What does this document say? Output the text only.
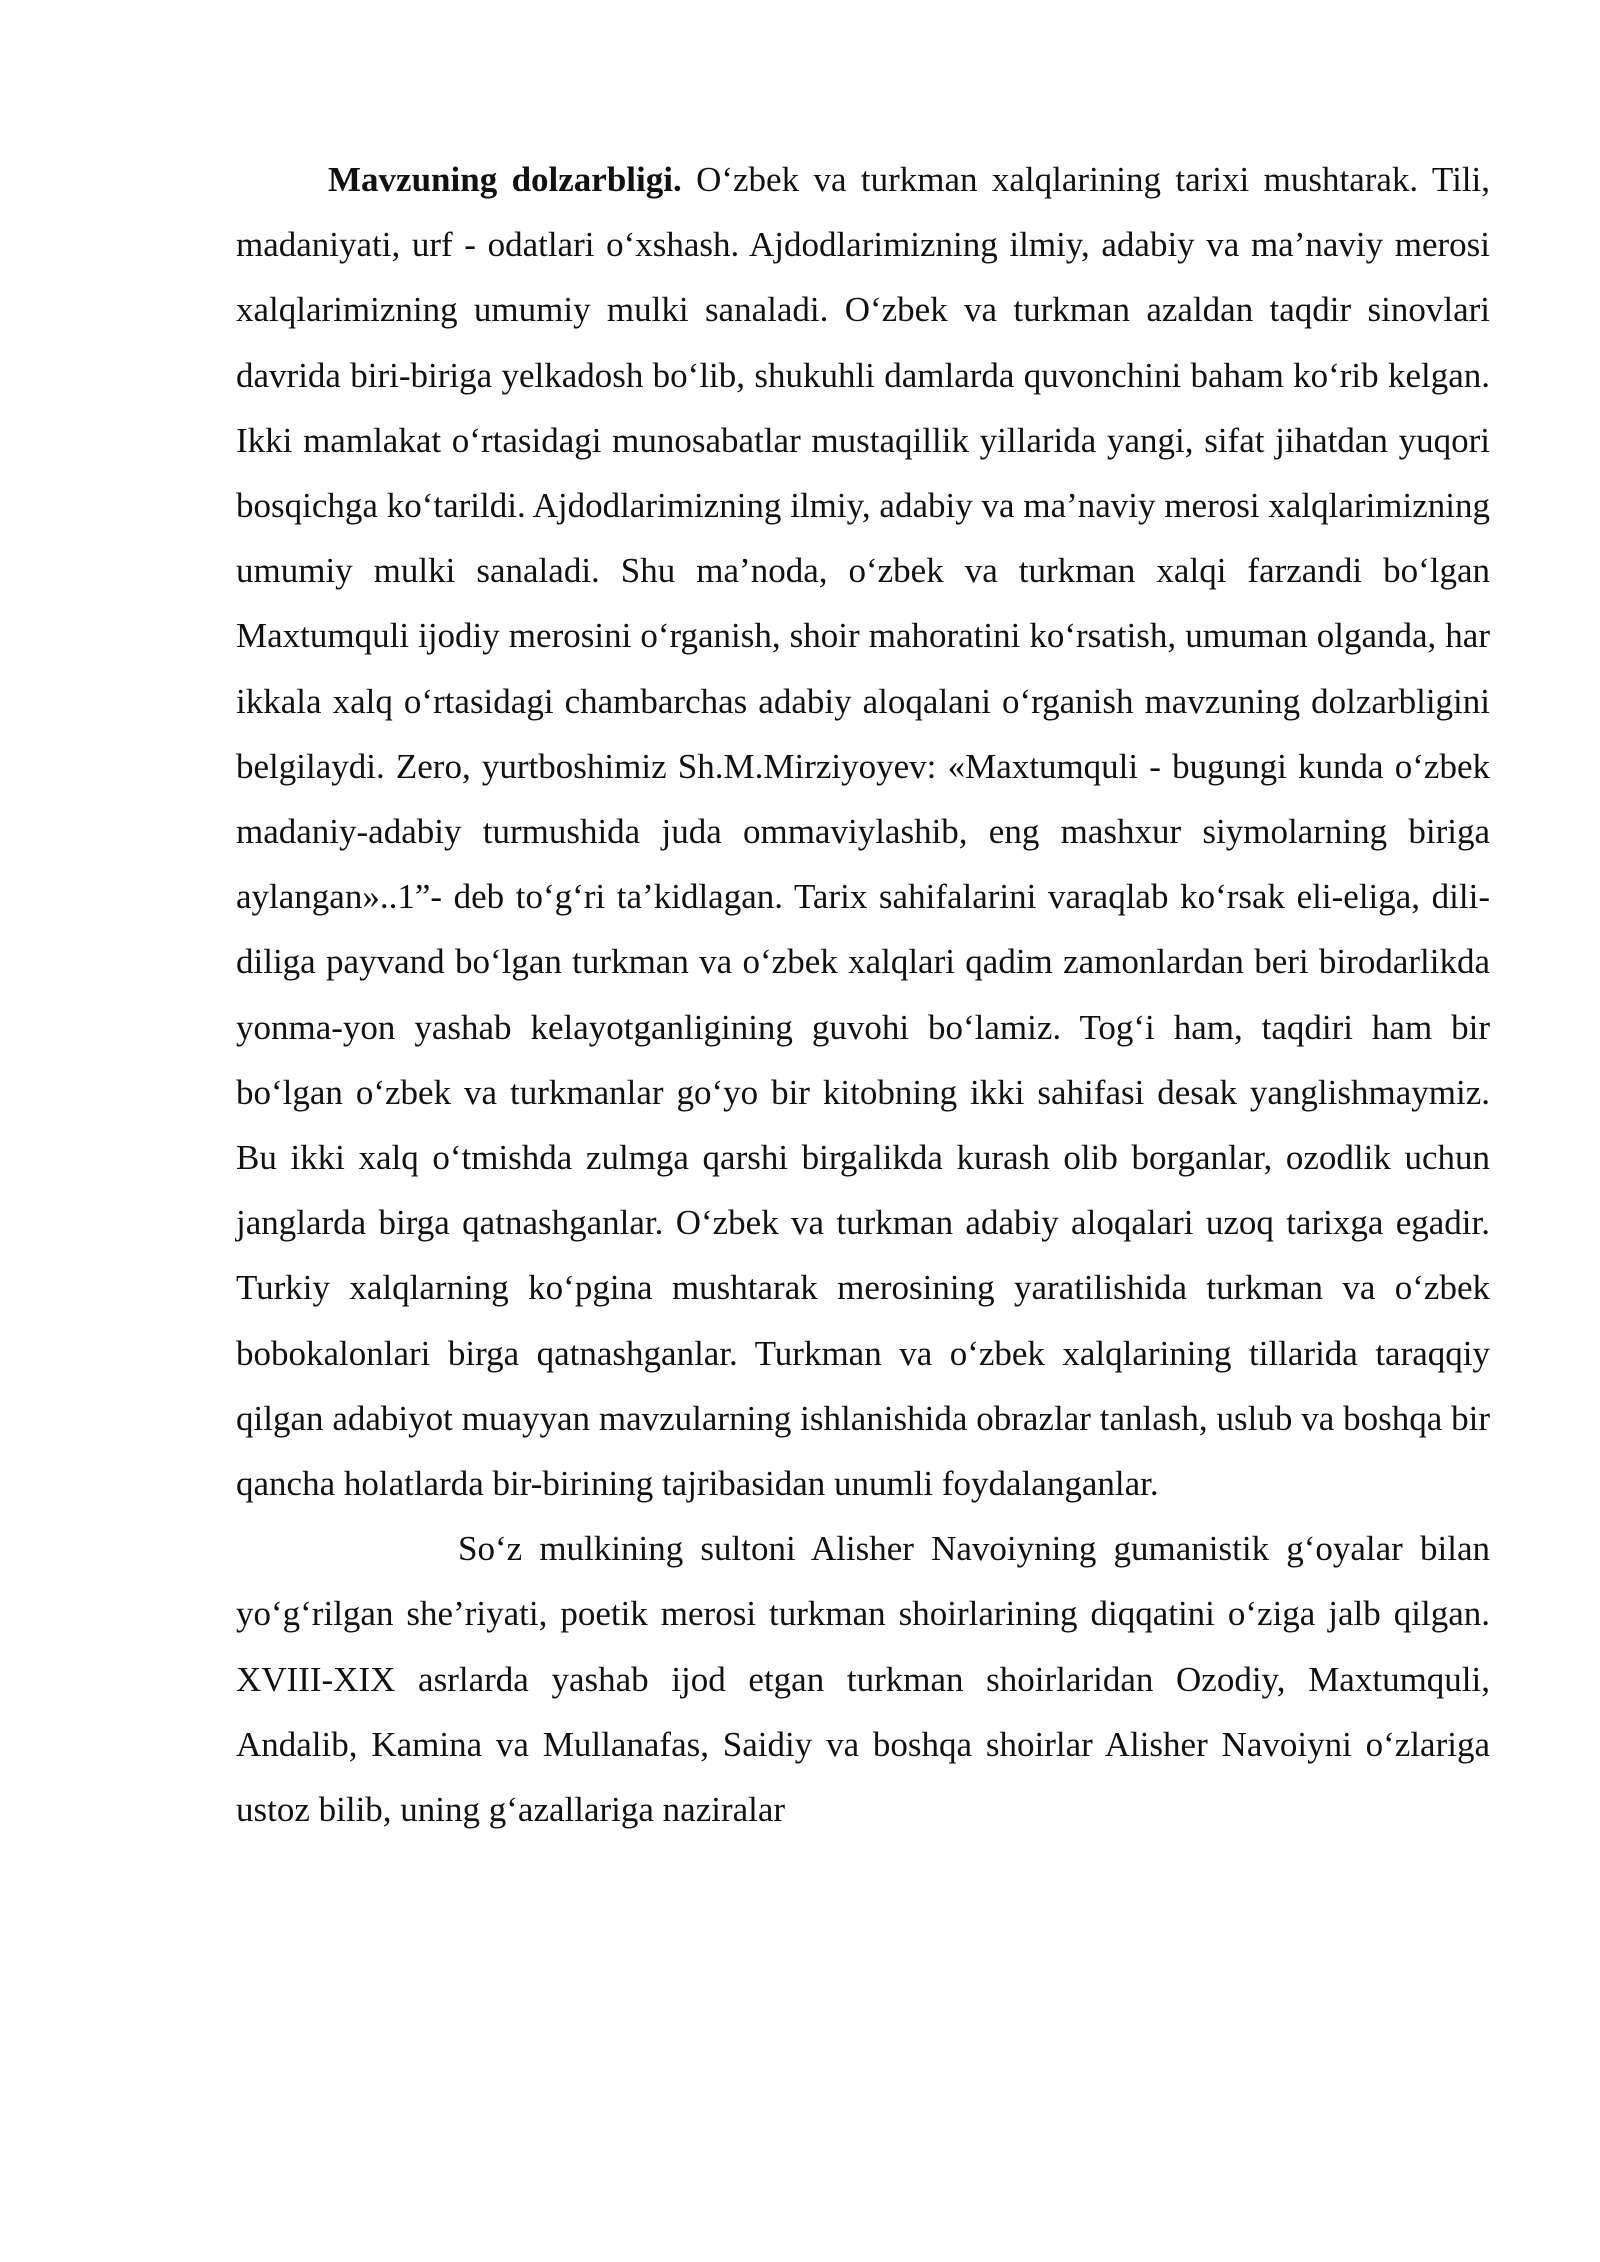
Mavzuning dolzarbligi. O‘zbek va turkman xalqlarining tarixi mushtarak. Tili, madaniyati, urf - odatlari o‘xshash. Ajdodlarimizning ilmiy, adabiy va ma’naviy merosi xalqlarimizning umumiy mulki sanaladi. O‘zbek va turkman azaldan taqdir sinovlari davrida biri-biriga yelkadosh bo‘lib, shukuhli damlarda quvonchini baham ko‘rib kelgan. Ikki mamlakat o‘rtasidagi munosabatlar mustaqillik yillarida yangi, sifat jihatdan yuqori bosqichga ko‘tarildi. Ajdodlarimizning ilmiy, adabiy va ma’naviy merosi xalqlarimizning umumiy mulki sanaladi. Shu ma’noda, o‘zbek va turkman xalqi farzandi bo‘lgan Maxtumquli ijodiy merosini o‘rganish, shoir mahoratini ko‘rsatish, umuman olganda, har ikkala xalq o‘rtasidagi chambarchas adabiy aloqalani o‘rganish mavzuning dolzarbligini belgilaydi. Zero, yurtboshimiz Sh.M.Mirziyoyev: «Maxtumquli - bugungi kunda o‘zbek madaniy-adabiy turmushida juda ommaviylashib, eng mashxur siymolarning biriga aylangan»..1”- deb to‘g‘ri ta’kidlagan. Tarix sahifalarini varaqlab ko‘rsak eli-eliga, dili-diliga payvand bo‘lgan turkman va o‘zbek xalqlari qadim zamonlardan beri birodarlikda yonma-yon yashab kelayotganligining guvohi bo‘lamiz. Tog‘i ham, taqdiri ham bir bo‘lgan o‘zbek va turkmanlar go‘yo bir kitobning ikki sahifasi desak yanglishmaymiz. Bu ikki xalq o‘tmishda zulmga qarshi birgalikda kurash olib borganlar, ozodlik uchun janglarda birga qatnashganlar. O‘zbek va turkman adabiy aloqalari uzoq tarixga egadir. Turkiy xalqlarning ko‘pgina mushtarak merosining yaratilishida turkman va o‘zbek bobokalonlari birga qatnashganlar. Turkman va o‘zbek xalqlarining tillarida taraqqiy qilgan adabiyot muayyan mavzularning ishlanishida obrazlar tanlash, uslub va boshqa bir qancha holatlarda bir-birining tajribasidan unumli foydalanganlar.

So‘z mulkining sultoni Alisher Navoiyning gumanistik g‘oyalar bilan yo‘g‘rilgan she’riyati, poetik merosi turkman shoirlarining diqqatini o‘ziga jalb qilgan. XVIII-XIX asrlarda yashab ijod etgan turkman shoirlaridan Ozodiy, Maxtumquli, Andalib, Kamina va Mullanafas, Saidiy va boshqa shoirlar Alisher Navoiyni o‘zlariga ustoz bilib, uning g‘azallariga naziralar
